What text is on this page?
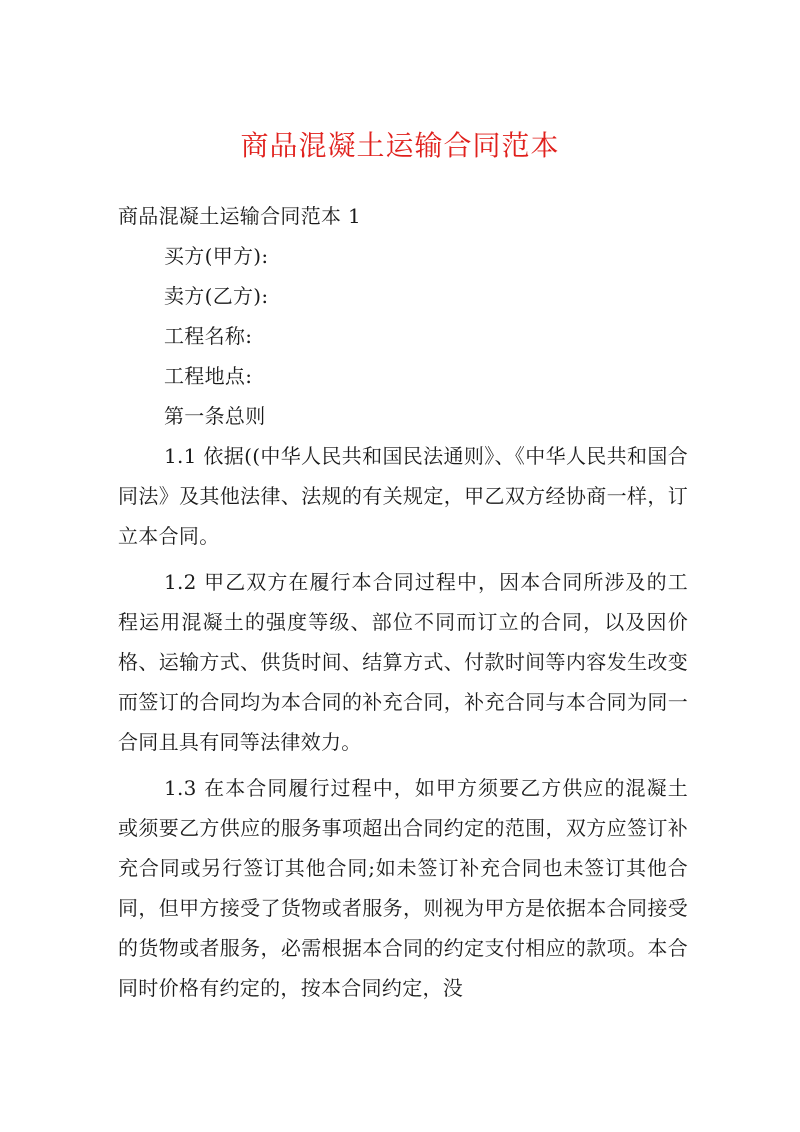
商品混凝土运输合同范本

商品混凝土运输合同范本 1

买方(甲方):

卖方(乙方):

工程名称:

工程地点:

第一条总则

1.1 依据((中华人民共和国民法通则》、《中华人民共和国合同法》及其他法律、法规的有关规定，甲乙双方经协商一样，订立本合同。

1.2 甲乙双方在履行本合同过程中，因本合同所涉及的工程运用混凝土的强度等级、部位不同而订立的合同，以及因价格、运输方式、供货时间、结算方式、付款时间等内容发生改变而签订的合同均为本合同的补充合同，补充合同与本合同为同一合同且具有同等法律效力。

1.3 在本合同履行过程中，如甲方须要乙方供应的混凝土或须要乙方供应的服务事项超出合同约定的范围，双方应签订补充合同或另行签订其他合同;如未签订补充合同也未签订其他合同，但甲方接受了货物或者服务，则视为甲方是依据本合同接受的货物或者服务，必需根据本合同的约定支付相应的款项。本合同时价格有约定的，按本合同约定，没
